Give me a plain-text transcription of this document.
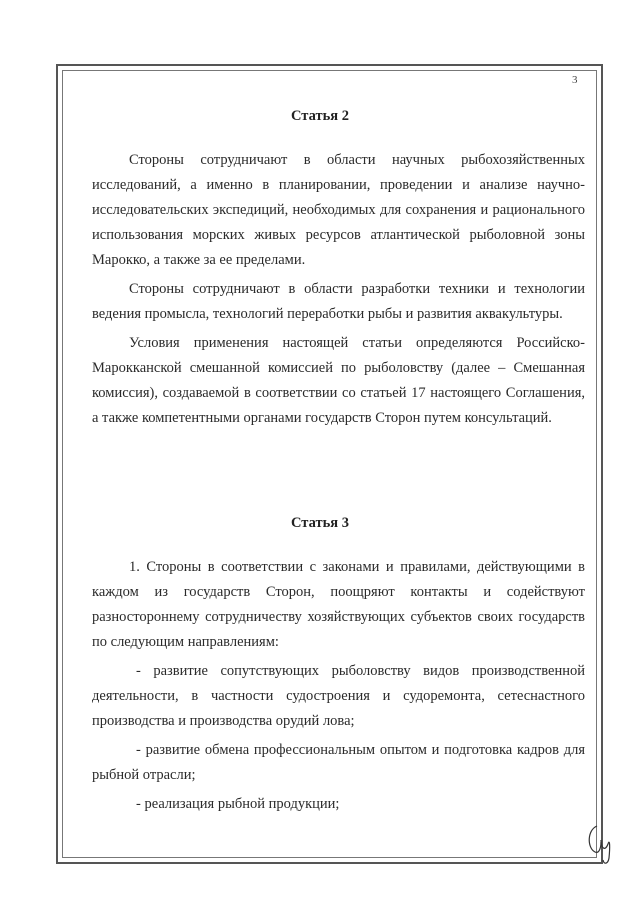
3
Статья 2

Стороны сотрудничают в области научных рыбохозяйственных исследований, а именно в планировании, проведении и анализе научно-исследовательских экспедиций, необходимых для сохранения и рационального использования морских живых ресурсов атлантической рыболовной зоны Марокко, а также за ее пределами.

Стороны сотрудничают в области разработки техники и технологии ведения промысла, технологий переработки рыбы и развития аквакультуры.

Условия применения настоящей статьи определяются Российско-Марокканской смешанной комиссией по рыболовству (далее – Смешанная комиссия), создаваемой в соответствии со статьей 17 настоящего Соглашения, а также компетентными органами государств Сторон путем консультаций.

Статья 3

1. Стороны в соответствии с законами и правилами, действующими в каждом из государств Сторон, поощряют контакты и содействуют разностороннему сотрудничеству хозяйствующих субъектов своих государств по следующим направлениям:

- развитие сопутствующих рыболовству видов производственной деятельности, в частности судостроения и судоремонта, сетеснастного производства и производства орудий лова;

- развитие обмена профессиональным опытом и подготовка кадров для рыбной отрасли;

- реализация рыбной продукции;
